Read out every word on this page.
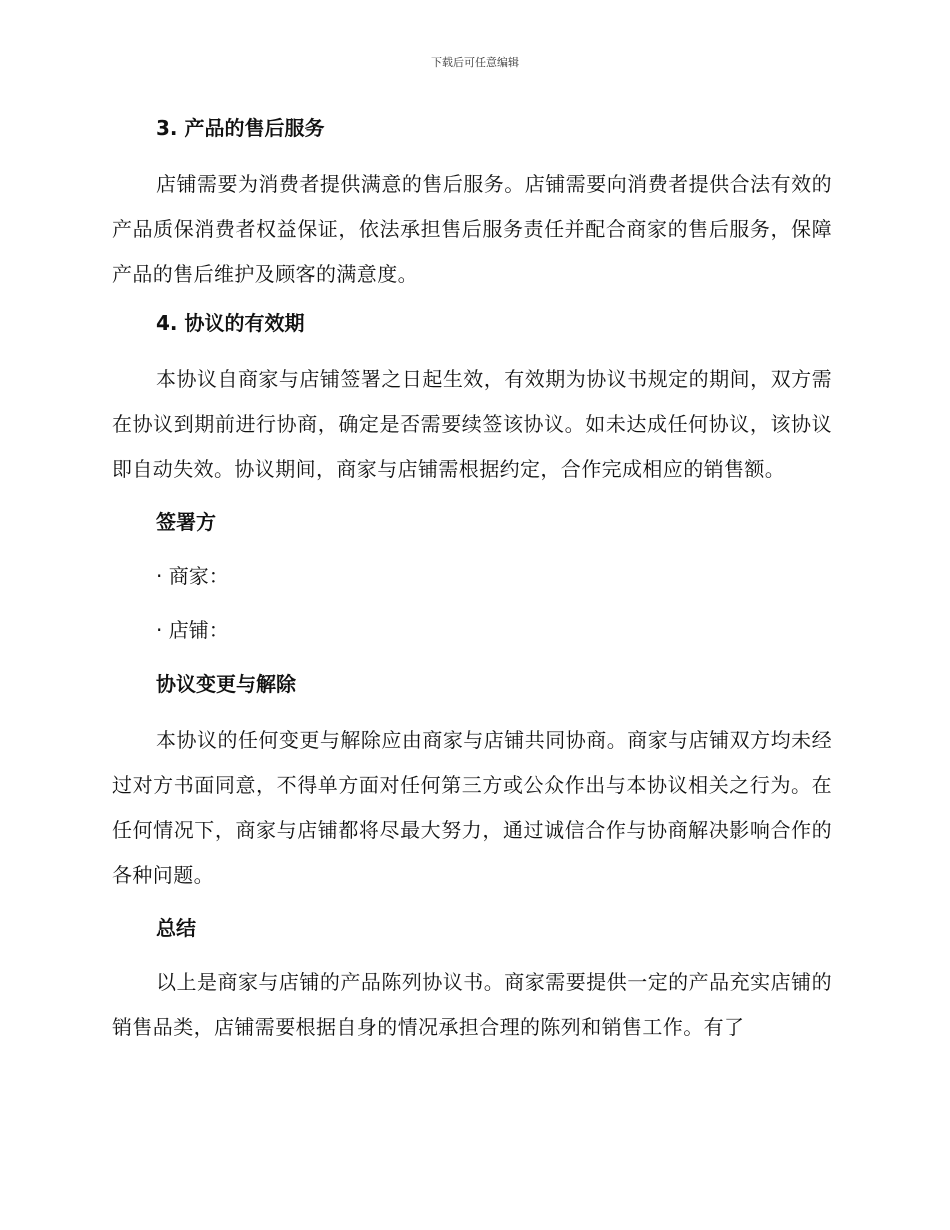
下载后可任意编辑
3. 产品的售后服务
店铺需要为消费者提供满意的售后服务。店铺需要向消费者提供合法有效的产品质保消费者权益保证，依法承担售后服务责任并配合商家的售后服务，保障产品的售后维护及顾客的满意度。
4. 协议的有效期
本协议自商家与店铺签署之日起生效，有效期为协议书规定的期间，双方需在协议到期前进行协商，确定是否需要续签该协议。如未达成任何协议，该协议即自动失效。协议期间，商家与店铺需根据约定，合作完成相应的销售额。
签署方
· 商家：
· 店铺：
协议变更与解除
本协议的任何变更与解除应由商家与店铺共同协商。商家与店铺双方均未经过对方书面同意，不得单方面对任何第三方或公众作出与本协议相关之行为。在任何情况下，商家与店铺都将尽最大努力，通过诚信合作与协商解决影响合作的各种问题。
总结
以上是商家与店铺的产品陈列协议书。商家需要提供一定的产品充实店铺的销售品类，店铺需要根据自身的情况承担合理的陈列和销售工作。有了
